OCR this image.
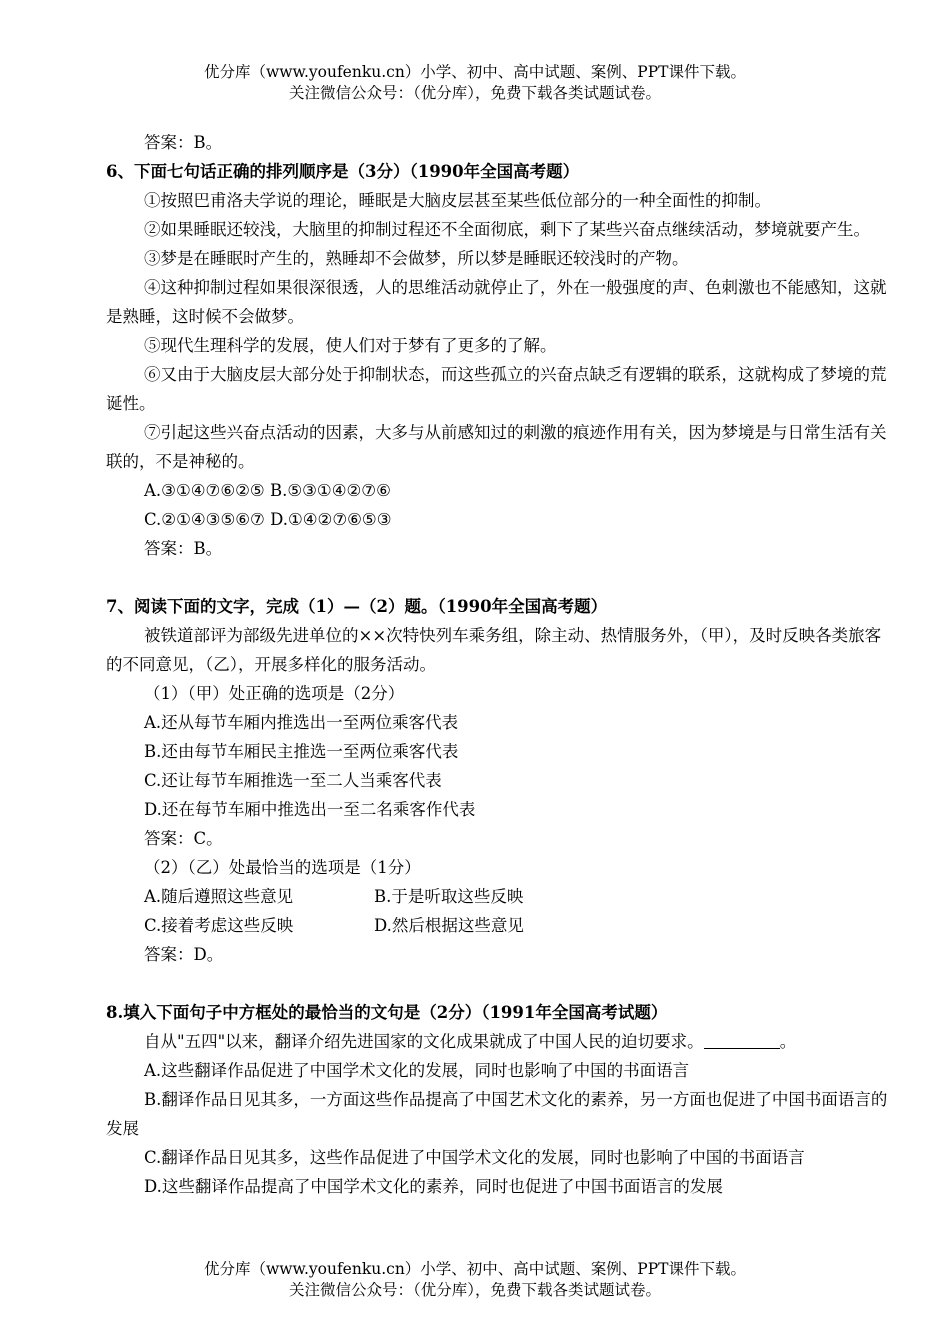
优分库（www.youfenku.cn）小学、初中、高中试题、案例、PPT课件下载。
关注微信公众号：（优分库），免费下载各类试题试卷。

答案：B。

6、下面七句话正确的排列顺序是（3分）（1990年全国高考题）

①按照巴甫洛夫学说的理论，睡眠是大脑皮层甚至某些低位部分的一种全面性的抑制。

②如果睡眠还较浅，大脑里的抑制过程还不全面彻底，剩下了某些兴奋点继续活动，梦境就要产生。

③梦是在睡眠时产生的，熟睡却不会做梦，所以梦是睡眠还较浅时的产物。

④这种抑制过程如果很深很透，人的思维活动就停止了，外在一般强度的声、色刺激也不能感知，这就是熟睡，这时候不会做梦。

⑤现代生理科学的发展，使人们对于梦有了更多的了解。

⑥又由于大脑皮层大部分处于抑制状态，而这些孤立的兴奋点缺乏有逻辑的联系，这就构成了梦境的荒诞性。

⑦引起这些兴奋点活动的因素，大多与从前感知过的刺激的痕迹作用有关，因为梦境是与日常生活有关联的，不是神秘的。

A.③①④⑦⑥②⑤ B.⑤③①④②⑦⑥

C.②①④③⑤⑥⑦ D.①④②⑦⑥⑤③

答案：B。

7、阅读下面的文字，完成（1）—（2）题。（1990年全国高考题）

被铁道部评为部级先进单位的××次特快列车乘务组，除主动、热情服务外，（甲），及时反映各类旅客的不同意见，（乙），开展多样化的服务活动。

（1）（甲）处正确的选项是（2分）

A.还从每节车厢内推选出一至两位乘客代表

B.还由每节车厢民主推选一至两位乘客代表

C.还让每节车厢推选一至二人当乘客代表

D.还在每节车厢中推选出一至二名乘客作代表

答案：C。

（2）（乙）处最恰当的选项是（1分）

A.随后遵照这些意见	B.于是听取这些反映
C.接着考虑这些反映	D.然后根据这些意见

答案：D。

8.填入下面句子中方框处的最恰当的文句是（2分）（1991年全国高考试题）

自从"五四"以来，翻译介绍先进国家的文化成果就成了中国人民的迫切要求。	。

A.这些翻译作品促进了中国学术文化的发展，同时也影响了中国的书面语言

B.翻译作品日见其多，一方面这些作品提高了中国艺术文化的素养，另一方面也促进了中国书面语言的发展

C.翻译作品日见其多，这些作品促进了中国学术文化的发展，同时也影响了中国的书面语言

D.这些翻译作品提高了中国学术文化的素养，同时也促进了中国书面语言的发展

优分库（www.youfenku.cn）小学、初中、高中试题、案例、PPT课件下载。
关注微信公众号：（优分库），免费下载各类试题试卷。
